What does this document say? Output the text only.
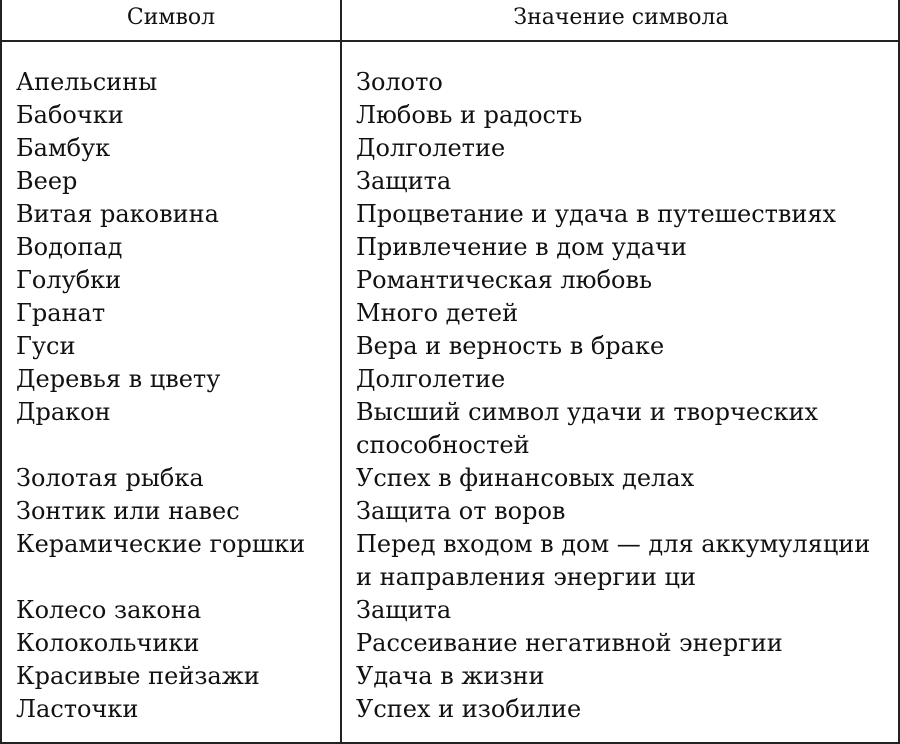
Символ	Значение символа
Апельсины	Золото
Бабочки	Любовь и радость
Бамбук	Долголетие
Веер	Защита
Витая раковина	Процветание и удача в путешествиях
Водопад	Привлечение в дом удачи
Голубки	Романтическая любовь
Гранат	Много детей
Гуси	Вера и верность в браке
Деревья в цвету	Долголетие
Дракон	Высший символ удачи и творческих
способностей
Золотая рыбка	Успех в финансовых делах
Зонтик или навес	Защита от воров
Керамические горшки	Перед входом в дом — для аккумуляции
и направления энергии ци
Колесо закона	Защита
Колокольчики	Рассеивание негативной энергии
Красивые пейзажи	Удача в жизни
Ласточки	Успех и изобилие
